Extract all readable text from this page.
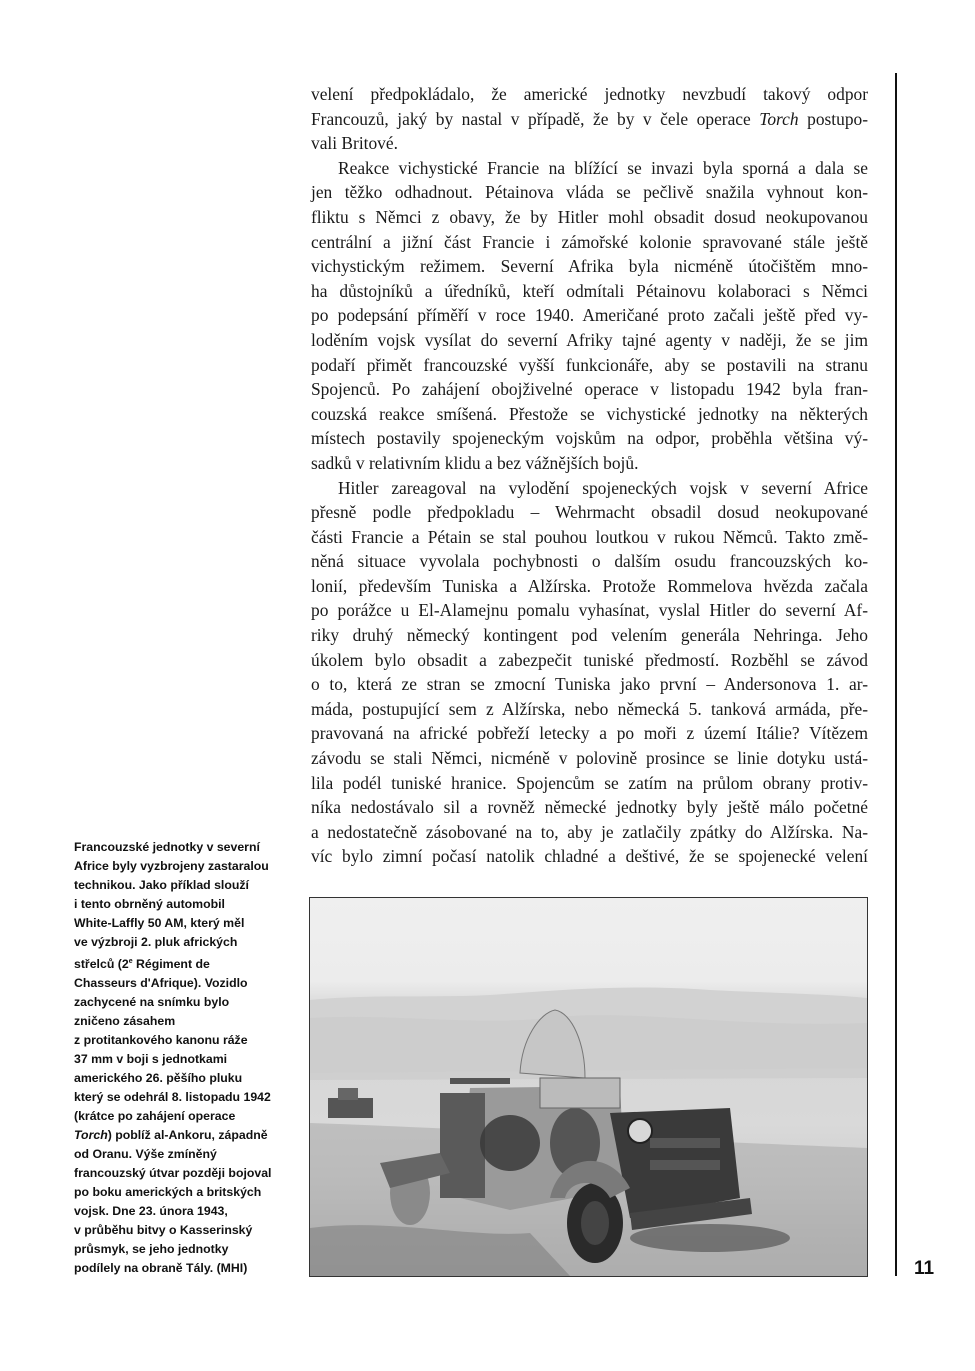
velení předpokládalo, že americké jednotky nevzbudí takový odpor
Francouzů, jaký by nastal v případě, že by v čele operace Torch postupo-
vali Britové.

Reakce vichystické Francie na blížící se invazi byla sporná a dala se
jen těžko odhadnout. Pétainova vláda se pečlivě snažila vyhnout kon-
fliktu s Němci z obavy, že by Hitler mohl obsadit dosud neokupovanou
centrální a jižní část Francie i zámořské kolonie spravované stále ještě
vichystickým režimem. Severní Afrika byla nicméně útočištěm mno-
ha důstojníků a úředníků, kteří odmítali Pétainovu kolaboraci s Němci
po podepsání příměří v roce 1940. Američané proto začali ještě před vy-
loděním vojsk vysílat do severní Afriky tajné agenty v naději, že se jim
podaří přimět francouzské vyšší funkcionáře, aby se postavili na stranu
Spojenců. Po zahájení obojživelné operace v listopadu 1942 byla fran-
couzská reakce smíšená. Přestože se vichystické jednotky na některých
místech postavily spojeneckým vojskům na odpor, proběhla většina vý-
sadků v relativním klidu a bez vážnějších bojů.

Hitler zareagoval na vylodění spojeneckých vojsk v severní Africe
přesně podle předpokladu – Wehrmacht obsadil dosud neokupované
části Francie a Pétain se stal pouhou loutkou v rukou Němců. Takto změ-
něná situace vyvolala pochybnosti o dalším osudu francouzských ko-
lonií, především Tuniska a Alžírska. Protože Rommelova hvězda začala
po porážce u El-Alamejnu pomalu vyhasínat, vyslal Hitler do severní Af-
riky druhý německý kontingent pod velením generála Nehringa. Jeho
úkolem bylo obsadit a zabezpečit tuniské předmostí. Rozběhl se závod
o to, která ze stran se zmocní Tuniska jako první – Andersonova 1. ar-
máda, postupující sem z Alžírska, nebo německá 5. tanková armáda, pře-
pravovaná na africké pobřeží letecky a po moři z území Itálie? Vítězem
závodu se stali Němci, nicméně v polovině prosince se linie dotyku ustá-
lila podél tuniské hranice. Spojencům se zatím na průlom obrany protiv-
níka nedostávalo sil a rovněž německé jednotky byly ještě málo početné
a nedostatečně zásobované na to, aby je zatlačily zpátky do Alžírska. Na-
víc bylo zimní počasí natolik chladné a deštivé, že se spojenecké velení

Francouzské jednotky v severní
Africe byly vyzbrojeny zastaralou
technikou. Jako příklad slouží
i tento obrněný automobil
White-Laffly 50 AM, který měl
ve výzbroji 2. pluk afrických
střelců (2e Régiment de
Chasseurs d'Afrique). Vozidlo
zachycené na snímku bylo
zničeno zásahem
z protitankového kanonu ráže
37 mm v boji s jednotkami
amerického 26. pěšího pluku
který se odehrál 8. listopadu 1942
(krátce po zahájení operace
Torch) poblíž al-Ankoru, západně
od Oranu. Výše zmíněný
francouzský útvar později bojoval
po boku amerických a britských
vojsk. Dne 23. února 1943,
v průběhu bitvy o Kasserinský
průsmyk, se jeho jednotky
podílely na obraně Tály. (MHI)	11
